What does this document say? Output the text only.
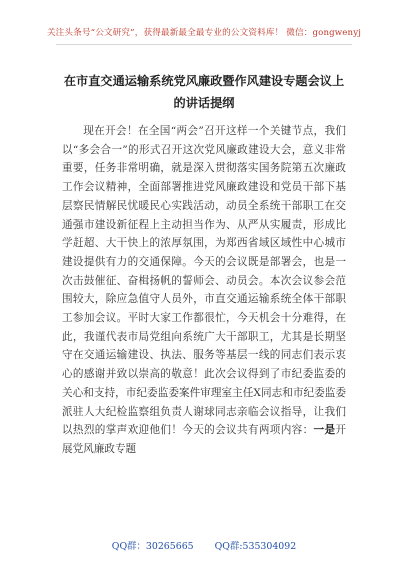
关注头条号“公文研究”，获得最新最全最专业的公文资料库！ 微信：gongwenyj
在市直交通运输系统党风廉政暨作风建设专题会议上的讲话提纲

现在开会！在全国“两会”召开这样一个关键节点，我们以“多会合一”的形式召开这次党风廉政建设大会，意义非常重要，任务非常明确，就是深入贯彻落实国务院第五次廉政工作会议精神，全面部署推进党风廉政建设和党员干部下基层察民情解民忧暖民心实践活动，动员全系统干部职工在交通强市建设新征程上主动担当作为、从严从实履责，形成比学赶超、大干快上的浓厚氛围，为郑西省域区域性中心城市建设提供有力的交通保障。今天的会议既是部署会，也是一次击鼓催征、奋楫扬帆的誓师会、动员会。本次会议参会范围较大，除应急值守人员外，市直交通运输系统全体干部职工参加会议。平时大家工作都很忙，今天机会十分难得，在此，我谨代表市局党组向系统广大干部职工，尤其是长期坚守在交通运输建设、执法、服务等基层一线的同志们表示衷心的感谢并致以崇高的敬意！此次会议得到了市纪委监委的关心和支持，市纪委监委案件审理室主任X同志和市纪委监委派驻人大纪检监察组负责人谢球同志亲临会议指导，让我们以热烈的掌声欢迎他们！今天的会议共有两项内容：一是开展党风廉政专题

QQ群：30265665 QQ群:535304092
